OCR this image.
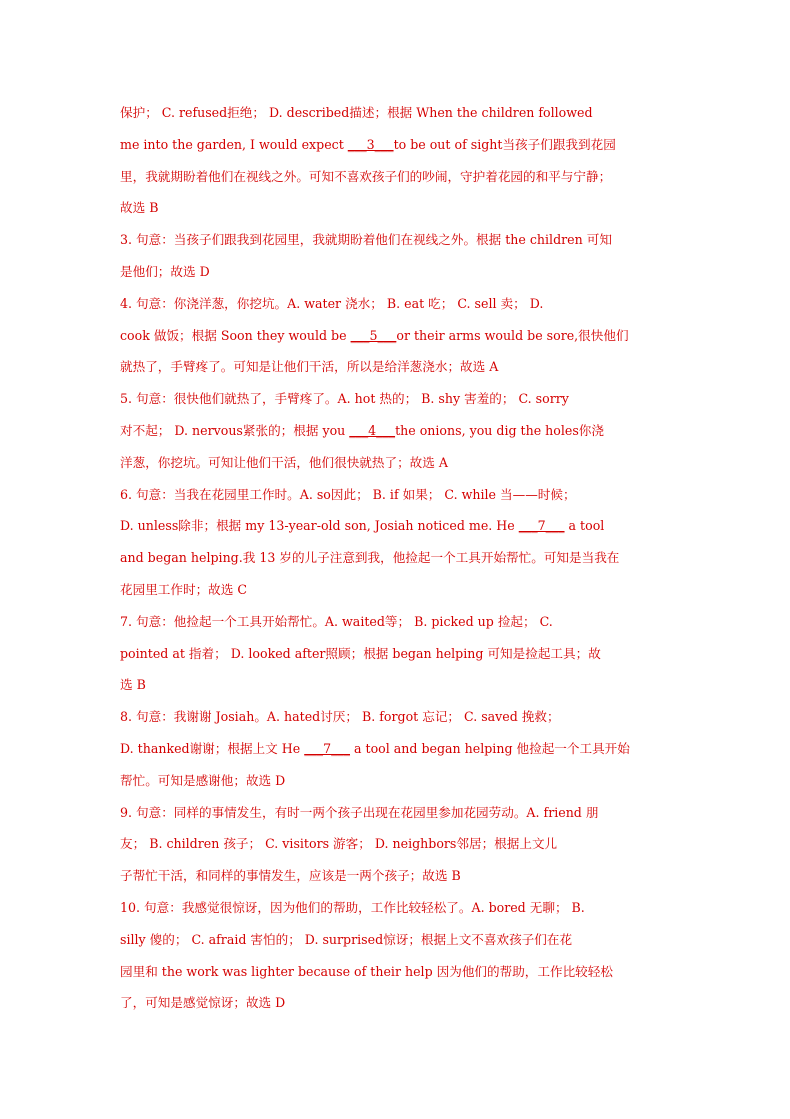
保护； C. refused拒绝； D. described描述；根据 When the children followed
me into the garden, I would expect ___3___to be out of sight当孩子们跟我到花园
里，我就期盼着他们在视线之外。可知不喜欢孩子们的吵闹，守护着花园的和平与宁静；
故选 B
3. 句意：当孩子们跟我到花园里，我就期盼着他们在视线之外。根据 the children 可知
是他们；故选 D
4. 句意：你浇洋葱，你挖坑。A. water 浇水； B. eat 吃； C. sell 卖； D.
cook 做饭；根据 Soon they would be ___5___or their arms would be sore,很快他们
就热了，手臂疼了。可知是让他们干活，所以是给洋葱浇水；故选 A
5. 句意：很快他们就热了，手臂疼了。A. hot 热的； B. shy 害羞的； C. sorry
对不起； D. nervous紧张的；根据 you ___4___the onions, you dig the holes你浇
洋葱，你挖坑。可知让他们干活，他们很快就热了；故选 A
6. 句意：当我在花园里工作时。A. so因此； B. if 如果； C. while 当——时候；
D. unless除非；根据 my 13-year-old son, Josiah noticed me. He ___7___ a tool
and began helping.我 13 岁的儿子注意到我，他捡起一个工具开始帮忙。可知是当我在
花园里工作时；故选 C
7. 句意：他捡起一个工具开始帮忙。A. waited等； B. picked up 捡起； C.
pointed at 指着； D. looked after照顾；根据 began helping 可知是捡起工具；故
选 B
8. 句意：我谢谢 Josiah。A. hated讨厌； B. forgot 忘记； C. saved 挽救；
D. thanked谢谢；根据上文 He ___7___ a tool and began helping 他捡起一个工具开始
帮忙。可知是感谢他；故选 D
9. 句意：同样的事情发生，有时一两个孩子出现在花园里参加花园劳动。A. friend 朋
友； B. children 孩子； C. visitors 游客； D. neighbors邻居；根据上文儿
子帮忙干活，和同样的事情发生，应该是一两个孩子；故选 B
10. 句意：我感觉很惊讶，因为他们的帮助，工作比较轻松了。A. bored 无聊； B.
silly 傻的； C. afraid 害怕的； D. surprised惊讶；根据上文不喜欢孩子们在花
园里和 the work was lighter because of their help 因为他们的帮助，工作比较轻松
了，可知是感觉惊讶；故选 D
